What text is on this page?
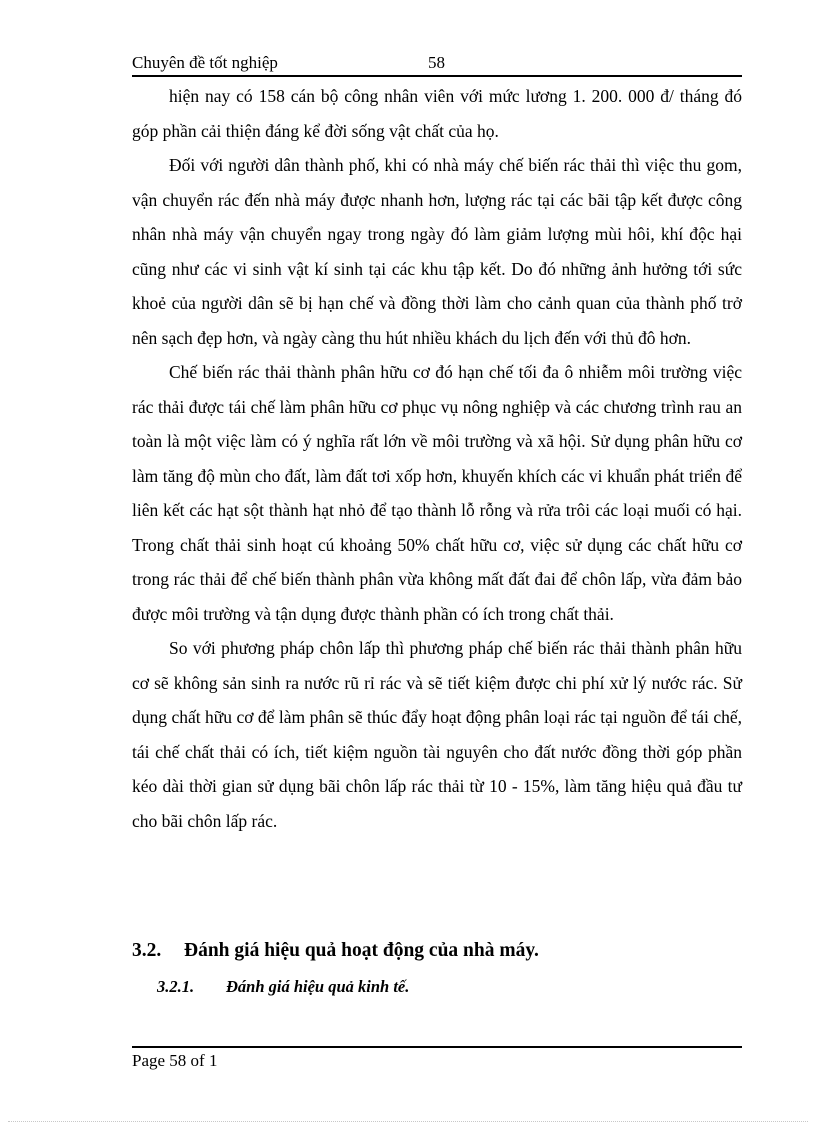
Chuyên đề tốt nghiệp	58

hiện nay có 158 cán bộ công nhân viên với mức lương 1. 200. 000 đ/ tháng đó góp phần cải thiện đáng kể đời sống vật chất của họ.

Đối với người dân thành phố, khi có nhà máy chế biến rác thải thì việc thu gom, vận chuyển rác đến nhà máy được nhanh hơn, lượng rác tại các bãi tập kết được công nhân nhà máy vận chuyển ngay trong ngày đó làm giảm lượng mùi hôi, khí độc hại cũng như các vi sinh vật kí sinh tại các khu tập kết. Do đó những ảnh hưởng tới sức khoẻ của người dân sẽ bị hạn chế và đồng thời làm cho cảnh quan của thành phố trở nên sạch đẹp hơn, và ngày càng thu hút nhiều khách du lịch đến với thủ đô hơn.

Chế biến rác thải thành phân hữu cơ đó hạn chế tối đa ô nhiễm môi trường việc rác thải được tái chế làm phân hữu cơ phục vụ nông nghiệp và các chương trình rau an toàn là một việc làm có ý nghĩa rất lớn về môi trường và xã hội. Sử dụng phân hữu cơ làm tăng độ mùn cho đất, làm đất tơi xốp hơn, khuyến khích các vi khuẩn phát triển để liên kết các hạt sột thành hạt nhỏ để tạo thành lỗ rỗng và rửa trôi các loại muối có hại. Trong chất thải sinh hoạt cú khoảng 50% chất hữu cơ, việc sử dụng các chất hữu cơ trong rác thải để chế biến thành phân vừa không mất đất đai để chôn lấp, vừa đảm bảo được môi trường và tận dụng được thành phần có ích trong chất thải.

So với phương pháp chôn lấp thì phương pháp chế biến rác thải thành phân hữu cơ sẽ không sản sinh ra nước rũ rỉ rác và sẽ tiết kiệm được chi phí xử lý nước rác. Sử dụng chất hữu cơ để làm phân sẽ thúc đẩy hoạt động phân loại rác tại nguồn để tái chế, tái chế chất thải có ích, tiết kiệm nguồn tài nguyên cho đất nước đồng thời góp phần kéo dài thời gian sử dụng bãi chôn lấp rác thải từ 10 - 15%, làm tăng hiệu quả đầu tư cho bãi chôn lấp rác.

3.2. Đánh giá hiệu quả hoạt động của nhà máy.
3.2.1. Đánh giá hiệu quả kinh tế.
Page 58 of 1
